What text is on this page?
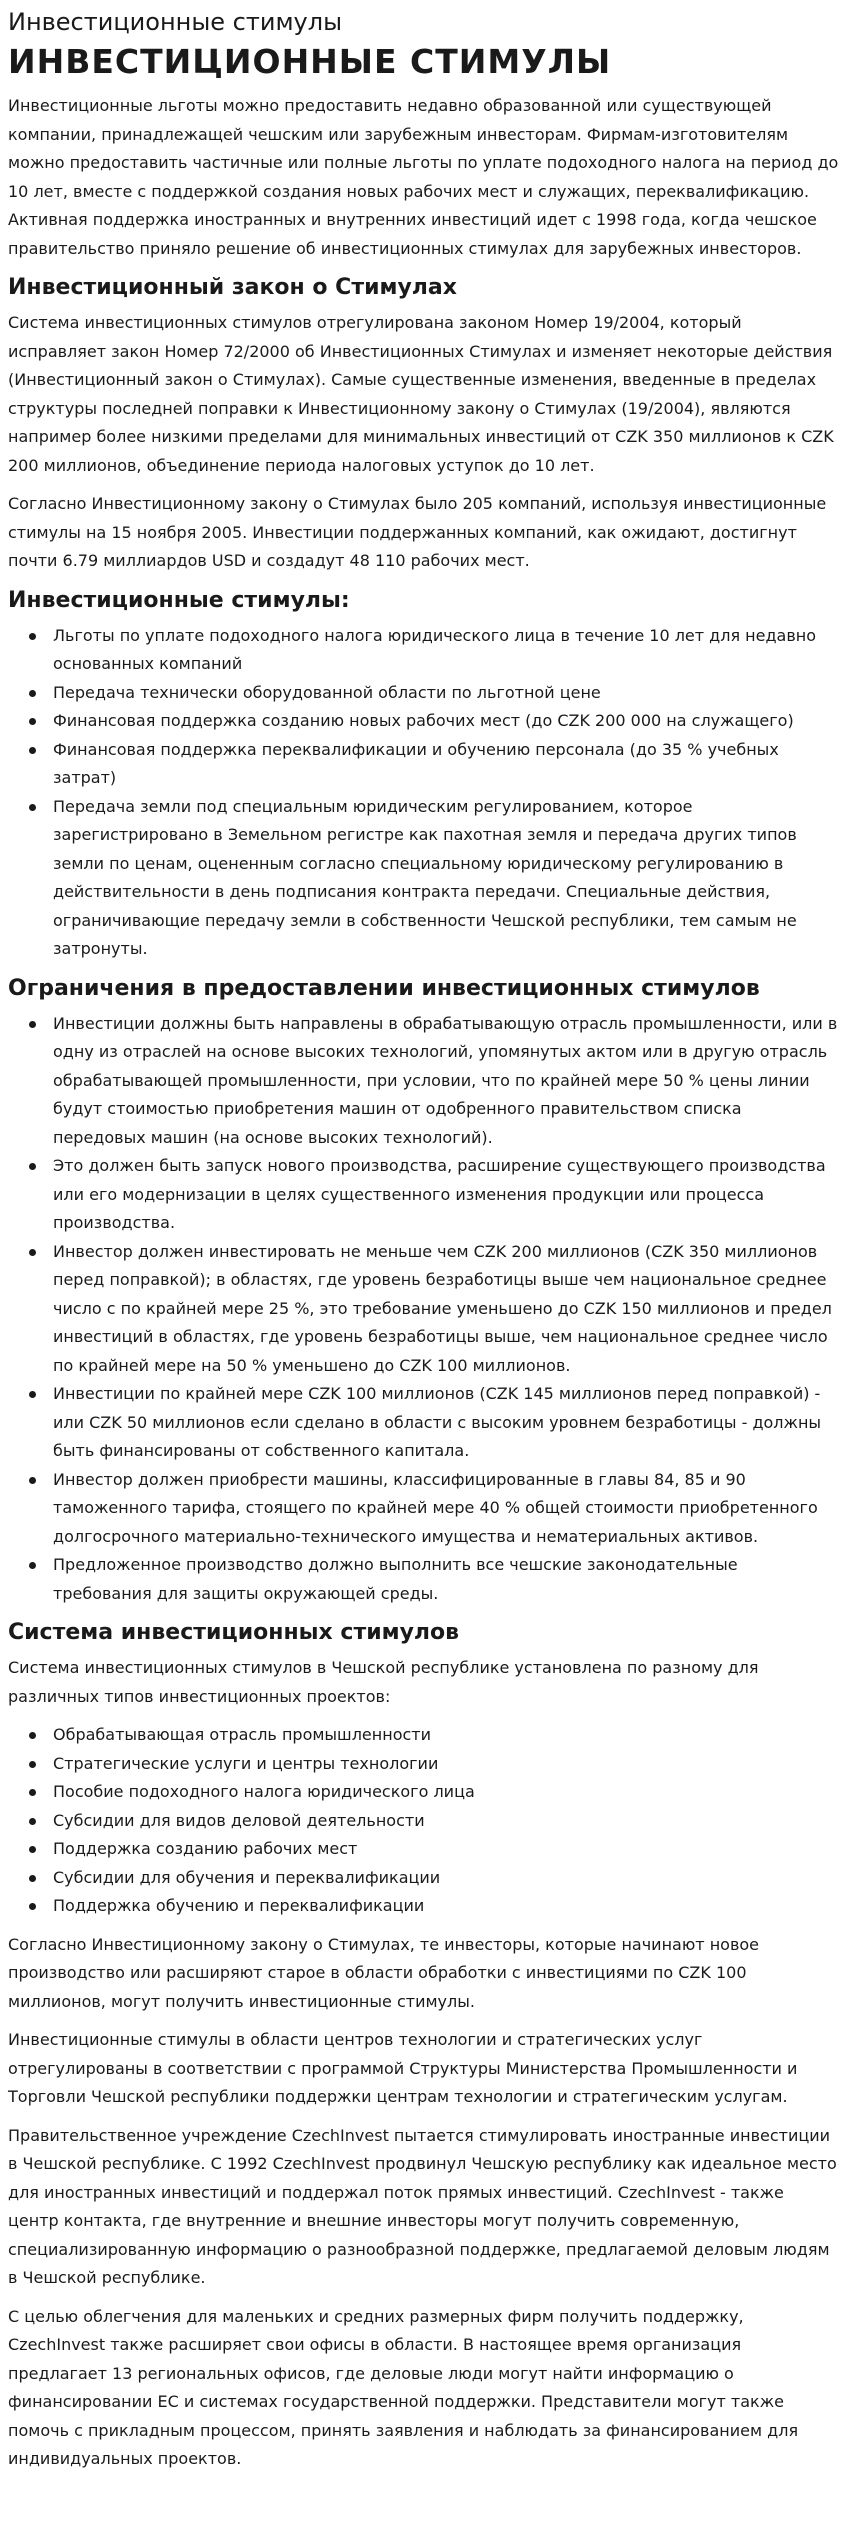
Инвестиционные стимулы
ИНВЕСТИЦИОННЫЕ СТИМУЛЫ

Инвестиционные льготы можно предоставить недавно образованной или существующей компании, принадлежащей чешским или зарубежным инвесторам. Фирмам-изготовителям можно предоставить частичные или полные льготы по уплате подоходного налога на период до 10 лет, вместе с поддержкой создания новых рабочих мест и служащих, переквалификацию. Активная поддержка иностранных и внутренних инвестиций идет с 1998 года, когда чешское правительство приняло решение об инвестиционных стимулах для зарубежных инвесторов.

Инвестиционный закон о Стимулах

Система инвестиционных стимулов отрегулирована законом Номер 19/2004, который исправляет закон Номер 72/2000 об Инвестиционных Стимулах и изменяет некоторые действия (Инвестиционный закон о Стимулах). Самые существенные изменения, введенные в пределах структуры последней поправки к Инвестиционному закону о Стимулах (19/2004), являются например более низкими пределами для минимальных инвестиций от CZK 350 миллионов к CZK 200 миллионов, объединение периода налоговых уступок до 10 лет.

Согласно Инвестиционному закону о Стимулах было 205 компаний, используя инвестиционные стимулы на 15 ноября 2005. Инвестиции поддержанных компаний, как ожидают, достигнут почти 6.79 миллиардов USD и создадут 48 110 рабочих мест.

Инвестиционные стимулы:
Льготы по уплате подоходного налога юридического лица в течение 10 лет для недавно основанных компаний
Передача технически оборудованной области по льготной цене
Финансовая поддержка созданию новых рабочих мест (до CZK 200 000 на служащего)
Финансовая поддержка переквалификации и обучению персонала (до 35 % учебных затрат)
Передача земли под специальным юридическим регулированием, которое зарегистрировано в Земельном регистре как пахотная земля и передача других типов земли по ценам, оцененным согласно специальному юридическому регулированию в действительности в день подписания контракта передачи. Специальные действия, ограничивающие передачу земли в собственности Чешской республики, тем самым не затронуты.
Ограничения в предоставлении инвестиционных стимулов
Инвестиции должны быть направлены в обрабатывающую отрасль промышленности, или в одну из отраслей на основе высоких технологий, упомянутых актом или в другую отрасль обрабатывающей промышленности, при условии, что по крайней мере 50 % цены линии будут стоимостью приобретения машин от одобренного правительством списка передовых машин (на основе высоких технологий).
Это должен быть запуск нового производства, расширение существующего производства или его модернизации в целях существенного изменения продукции или процесса производства.
Инвестор должен инвестировать не меньше чем CZK 200 миллионов (CZK 350 миллионов перед поправкой); в областях, где уровень безработицы выше чем национальное среднее число с по крайней мере 25 %, это требование уменьшено до CZK 150 миллионов и предел инвестиций в областях, где уровень безработицы выше, чем национальное среднее число по крайней мере на 50 % уменьшено до CZK 100 миллионов.
Инвестиции по крайней мере CZK 100 миллионов (CZK 145 миллионов перед поправкой) - или CZK 50 миллионов если сделано в области с высоким уровнем безработицы - должны быть финансированы от собственного капитала.
Инвестор должен приобрести машины, классифицированные в главы 84, 85 и 90 таможенного тарифа, стоящего по крайней мере 40 % общей стоимости приобретенного долгосрочного материально-технического имущества и нематериальных активов.
Предложенное производство должно выполнить все чешские законодательные требования для защиты окружающей среды.
Система инвестиционных стимулов

Система инвестиционных стимулов в Чешской республике установлена по разному для различных типов инвестиционных проектов:

Обрабатывающая отрасль промышленности
Стратегические услуги и центры технологии
Пособие подоходного налога юридического лица
Субсидии для видов деловой деятельности
Поддержка созданию рабочих мест
Субсидии для обучения и переквалификации
Поддержка обучению и переквалификации

Согласно Инвестиционному закону о Стимулах, те инвесторы, которые начинают новое производство или расширяют старое в области обработки с инвестициями по CZK 100 миллионов, могут получить инвестиционные стимулы.

Инвестиционные стимулы в области центров технологии и стратегических услуг отрегулированы в соответствии с программой Структуры Министерства Промышленности и Торговли Чешской республики поддержки центрам технологии и стратегическим услугам.

Правительственное учреждение CzechInvest пытается стимулировать иностранные инвестиции в Чешской республике. С 1992 CzechInvest продвинул Чешскую республику как идеальное место для иностранных инвестиций и поддержал поток прямых инвестиций. CzechInvest - также центр контакта, где внутренние и внешние инвесторы могут получить современную, специализированную информацию о разнообразной поддержке, предлагаемой деловым людям в Чешской республике.

С целью облегчения для маленьких и средних размерных фирм получить поддержку, CzechInvest также расширяет свои офисы в области. В настоящее время организация предлагает 13 региональных офисов, где деловые люди могут найти информацию о финансировании ЕС и системах государственной поддержки. Представители могут также помочь с прикладным процессом, принять заявления и наблюдать за финансированием для индивидуальных проектов.
